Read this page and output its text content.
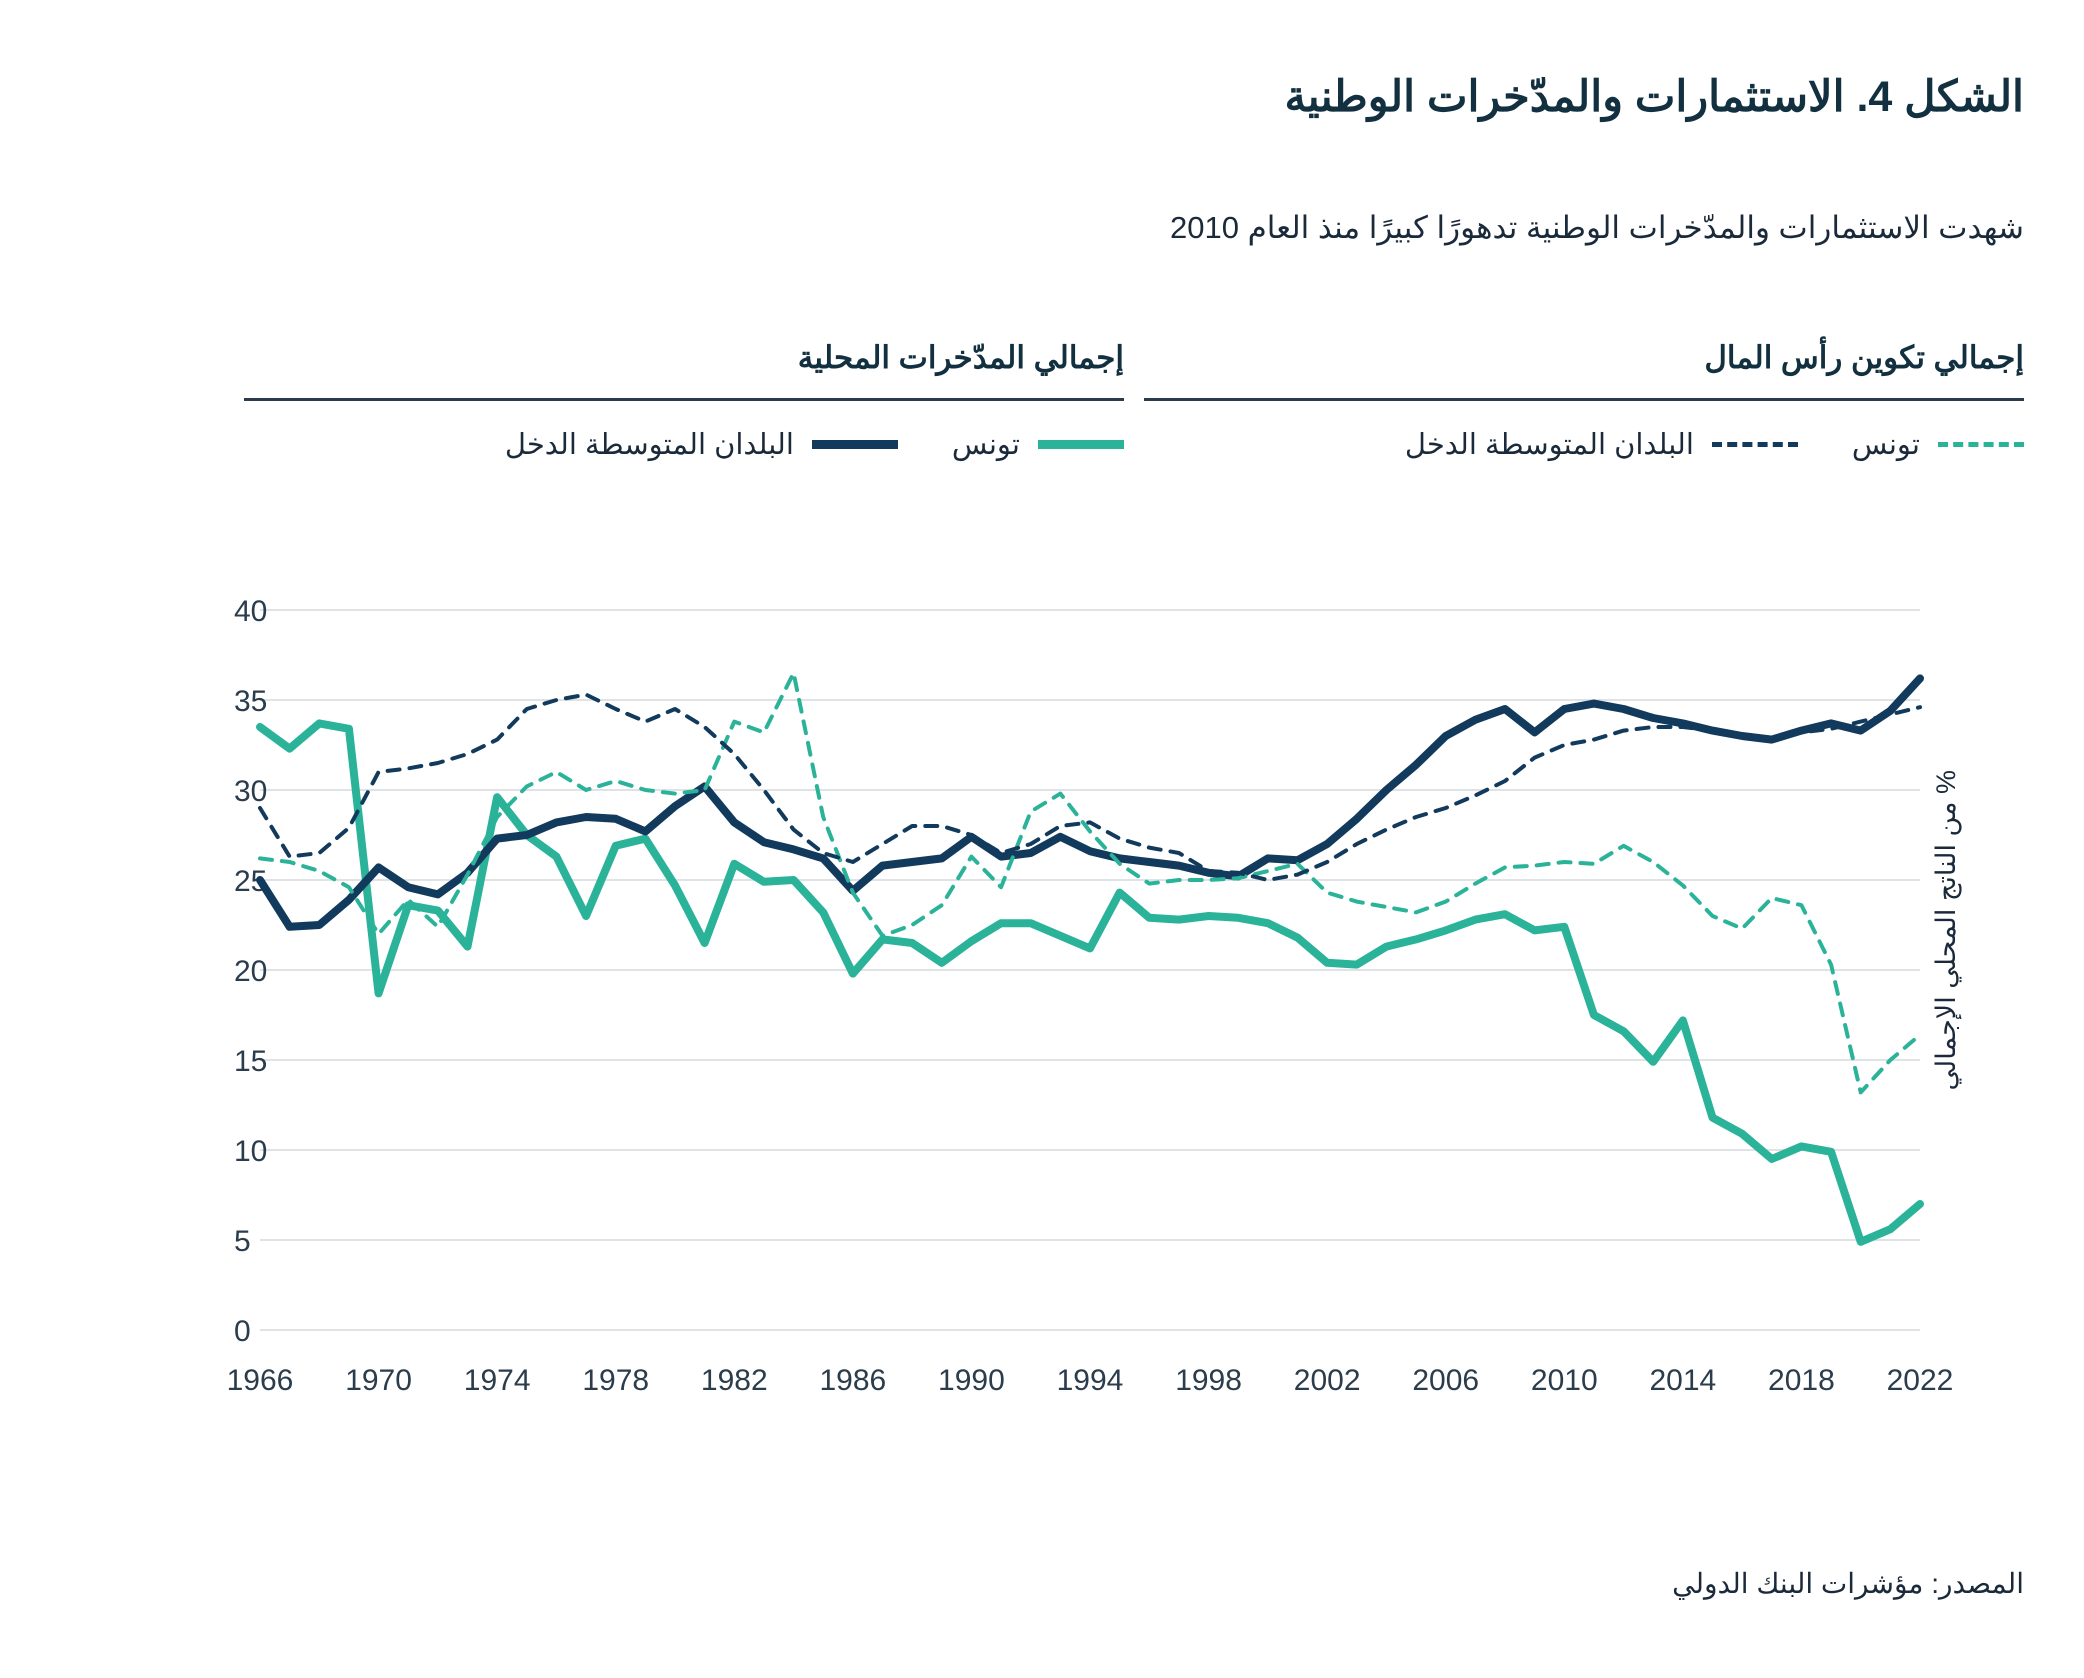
الشكل 4. الاستثمارات والمدّخرات الوطنية
شهدت الاستثمارات والمدّخرات الوطنية تدهورًا كبيرًا منذ العام 2010
إجمالي تكوين رأس المال
تونس
البلدان المتوسطة الدخل
إجمالي المدّخرات المحلية
تونس
البلدان المتوسطة الدخل
% من الناتج المحلي الإجمالي
0
5
10
15
20
25
30
35
40
1966 1970 1974 1978 1982 1986 1990 1994 1998 2002 2006 2010 2014 2018 2022
المصدر: مؤشرات البنك الدولي
